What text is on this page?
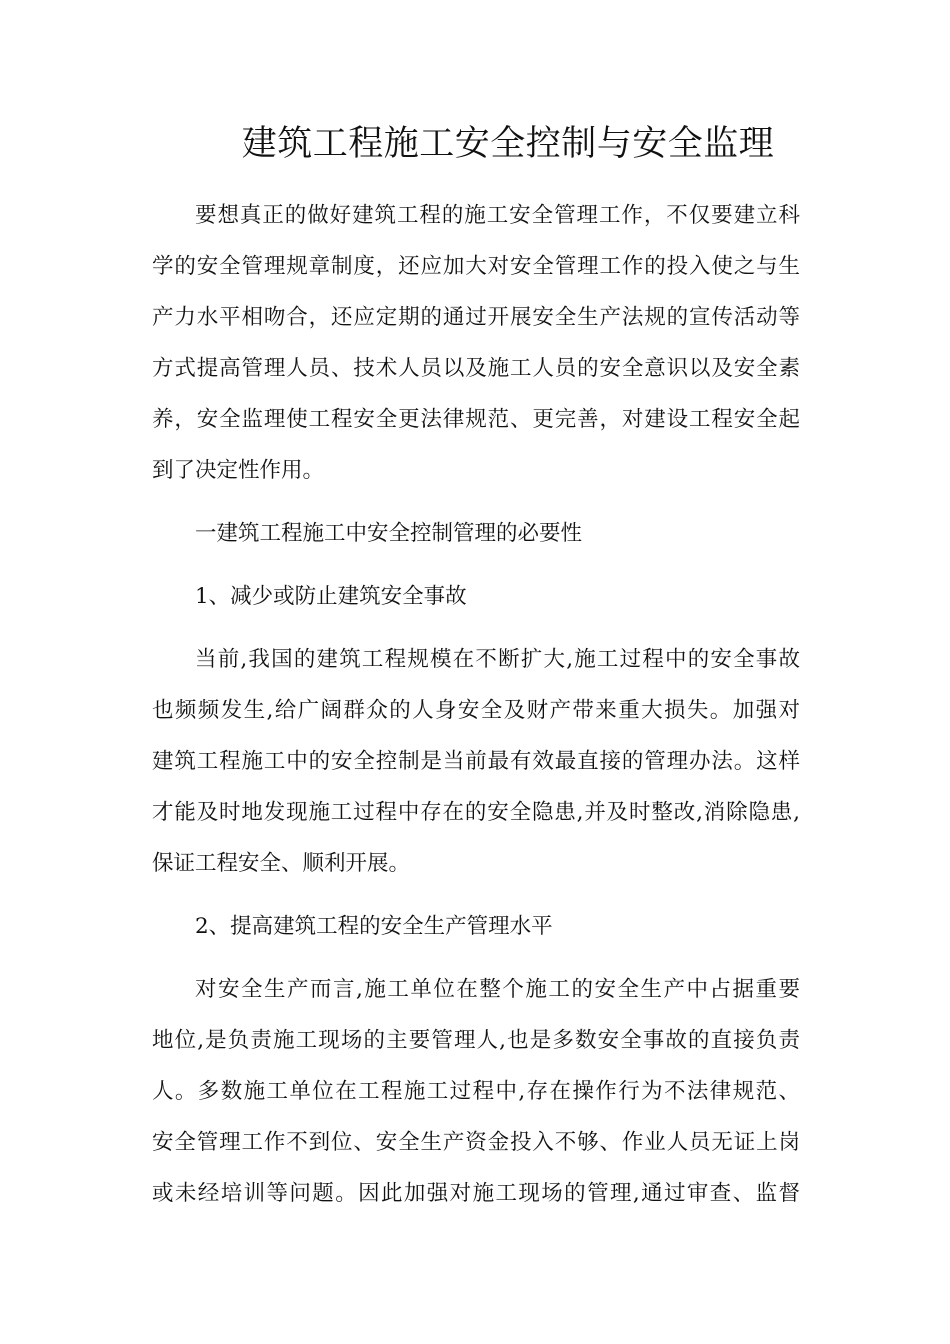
建筑工程施工安全控制与安全监理
要想真正的做好建筑工程的施工安全管理工作，不仅要建立科
学的安全管理规章制度，还应加大对安全管理工作的投入使之与生
产力水平相吻合，还应定期的通过开展安全生产法规的宣传活动等
方式提高管理人员、技术人员以及施工人员的安全意识以及安全素
养，安全监理使工程安全更法律规范、更完善，对建设工程安全起
到了决定性作用。
一建筑工程施工中安全控制管理的必要性
1、减少或防止建筑安全事故
当前,我国的建筑工程规模在不断扩大,施工过程中的安全事故
也频频发生,给广阔群众的人身安全及财产带来重大损失。加强对
建筑工程施工中的安全控制是当前最有效最直接的管理办法。这样
才能及时地发现施工过程中存在的安全隐患,并及时整改,消除隐患,
保证工程安全、顺利开展。
2、提高建筑工程的安全生产管理水平
对安全生产而言,施工单位在整个施工的安全生产中占据重要
地位,是负责施工现场的主要管理人,也是多数安全事故的直接负责
人。多数施工单位在工程施工过程中,存在操作行为不法律规范、
安全管理工作不到位、安全生产资金投入不够、作业人员无证上岗
或未经培训等问题。因此加强对施工现场的管理,通过审查、监督
